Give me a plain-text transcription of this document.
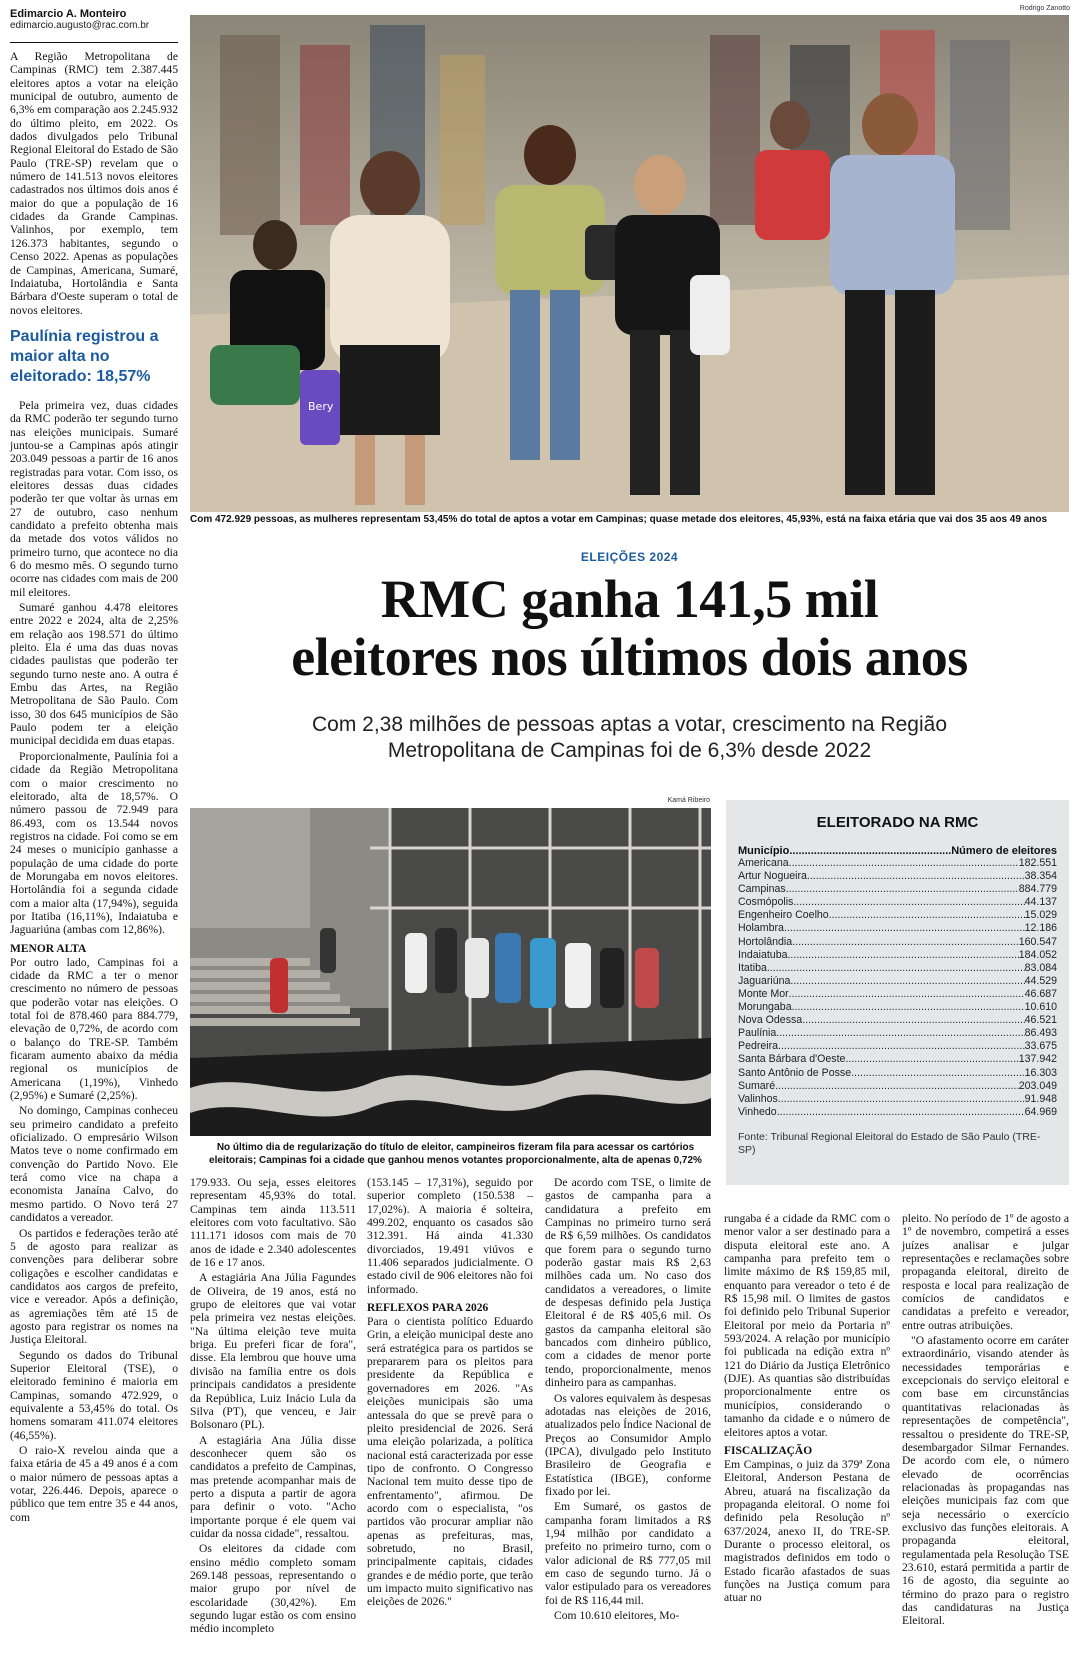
Edimarcio A. Monteiro
edimarcio.augusto@rac.com.br

A Região Metropolitana de Campinas (RMC) tem 2.387.445 eleitores aptos a votar na eleição municipal de outubro, aumento de 6,3% em comparação aos 2.245.932 do último pleito, em 2022. Os dados divulgados pelo Tribunal Regional Eleitoral do Estado de São Paulo (TRE-SP) revelam que o número de 141.513 novos eleitores cadastrados nos últimos dois anos é maior do que a população de 16 cidades da Grande Campinas. Valinhos, por exemplo, tem 126.373 habitantes, segundo o Censo 2022. Apenas as populações de Campinas, Americana, Sumaré, Indaiatuba, Hortolândia e Santa Bárbara d'Oeste superam o total de novos eleitores.

Paulínia registrou a maior alta no eleitorado: 18,57%

Pela primeira vez, duas cidades da RMC poderão ter segundo turno nas eleições municipais. Sumaré juntou-se a Campinas após atingir 203.049 pessoas a partir de 16 anos registradas para votar. Com isso, os eleitores dessas duas cidades poderão ter que voltar às urnas em 27 de outubro, caso nenhum candidato a prefeito obtenha mais da metade dos votos válidos no primeiro turno, que acontece no dia 6 do mesmo mês. O segundo turno ocorre nas cidades com mais de 200 mil eleitores.

Sumaré ganhou 4.478 eleitores entre 2022 e 2024, alta de 2,25% em relação aos 198.571 do último pleito. Ela é uma das duas novas cidades paulistas que poderão ter segundo turno neste ano. A outra é Embu das Artes, na Região Metropolitana de São Paulo. Com isso, 30 dos 645 municípios de São Paulo podem ter a eleição municipal decidida em duas etapas.

Proporcionalmente, Paulínia foi a cidade da Região Metropolitana com o maior crescimento no eleitorado, alta de 18,57%. O número passou de 72.949 para 86.493, com os 13.544 novos registros na cidade. Foi como se em 24 meses o município ganhasse a população de uma cidade do porte de Morungaba em novos eleitores. Hortolândia foi a segunda cidade com a maior alta (17,94%), seguida por Itatiba (16,11%), Indaiatuba e Jaguariúna (ambas com 12,86%).

MENOR ALTA

Por outro lado, Campinas foi a cidade da RMC a ter o menor crescimento no número de pessoas que poderão votar nas eleições. O total foi de 878.460 para 884.779, elevação de 0,72%, de acordo com o balanço do TRE-SP. Também ficaram aumento abaixo da média regional os municípios de Americana (1,19%), Vinhedo (2,95%) e Sumaré (2,25%).

No domingo, Campinas conheceu seu primeiro candidato a prefeito oficializado. O empresário Wilson Matos teve o nome confirmado em convenção do Partido Novo. Ele terá como vice na chapa a economista Janaína Calvo, do mesmo partido. O Novo terá 27 candidatos a vereador.

Os partidos e federações terão até 5 de agosto para realizar as convenções para deliberar sobre coligações e escolher candidatas e candidatos aos cargos de prefeito, vice e vereador. Após a definição, as agremiações têm até 15 de agosto para registrar os nomes na Justiça Eleitoral.

Segundo os dados do Tribunal Superior Eleitoral (TSE), o eleitorado feminino é maioria em Campinas, somando 472.929, o equivalente a 53,45% do total. Os homens somaram 411.074 eleitores (46,55%).

O raio-X revelou ainda que a faixa etária de 45 a 49 anos é a com o maior número de pessoas aptas a votar, 226.446. Depois, aparece o público que tem entre 35 e 44 anos, com

Rodrigo Zanotto
Bery
Com 472.929 pessoas, as mulheres representam 53,45% do total de aptos a votar em Campinas; quase metade dos eleitores, 45,93%, está na faixa etária que vai dos 35 aos 49 anos
ELEIÇÕES 2024
RMC ganha 141,5 mil
eleitores nos últimos dois anos
Com 2,38 milhões de pessoas aptas a votar, crescimento na Região
Metropolitana de Campinas foi de 6,3% desde 2022
Kamá Ribeiro
No último dia de regularização do título de eleitor, campineiros fizeram fila para acessar os cartórios eleitorais; Campinas foi a cidade que ganhou menos votantes proporcionalmente, alta de apenas 0,72%
ELEITORADO NA RMC
Município .....	Número de eleitores
Americana .....	182.551
Artur Nogueira .....	38.354
Campinas .....	884.779
Cosmópolis .....	44.137
Engenheiro Coelho .....	15.029
Holambra .....	12.186
Hortolândia .....	160.547
Indaiatuba .....	184.052
Itatiba .....	83.084
Jaguariúna .....	44.529
Monte Mor .....	46.687
Morungaba .....	10.610
Nova Odessa .....	46.521
Paulínia .....	86.493
Pedreira .....	33.675
Santa Bárbara d'Oeste .....	137.942
Santo Antônio de Posse .....	16.303
Sumaré .....	203.049
Valinhos .....	91.948
Vinhedo .....	64.969
Fonte: Tribunal Regional Eleitoral do Estado de São Paulo (TRE-SP)

179.933. Ou seja, esses eleitores representam 45,93% do total. Campinas tem ainda 113.511 eleitores com voto facultativo. São 111.171 idosos com mais de 70 anos de idade e 2.340 adolescentes de 16 e 17 anos.

A estagiária Ana Júlia Fagundes de Oliveira, de 19 anos, está no grupo de eleitores que vai votar pela primeira vez nestas eleições. "Na última eleição teve muita briga. Eu preferi ficar de fora", disse. Ela lembrou que houve uma divisão na família entre os dois principais candidatos a presidente da República, Luiz Inácio Lula da Silva (PT), que venceu, e Jair Bolsonaro (PL).

A estagiária Ana Júlia disse desconhecer quem são os candidatos a prefeito de Campinas, mas pretende acompanhar mais de perto a disputa a partir de agora para definir o voto. "Acho importante porque é ele quem vai cuidar da nossa cidade", ressaltou.

Os eleitores da cidade com ensino médio completo somam 269.148 pessoas, representando o maior grupo por nível de escolaridade (30,42%). Em segundo lugar estão os com ensino médio incompleto

(153.145 – 17,31%), seguido por superior completo (150.538 – 17,02%). A maioria é solteira, 499.202, enquanto os casados são 312.391. Há ainda 41.330 divorciados, 19.491 viúvos e 11.406 separados judicialmente. O estado civil de 906 eleitores não foi informado.

REFLEXOS PARA 2026

Para o cientista político Eduardo Grin, a eleição municipal deste ano será estratégica para os partidos se prepararem para os pleitos para presidente da República e governadores em 2026. "As eleições municipais são uma antessala do que se prevê para o pleito presidencial de 2026. Será uma eleição polarizada, a política nacional está caracterizada por esse tipo de confronto. O Congresso Nacional tem muito desse tipo de enfrentamento", afirmou. De acordo com o especialista, "os partidos vão procurar ampliar não apenas as prefeituras, mas, sobretudo, no Brasil, principalmente capitais, cidades grandes e de médio porte, que terão um impacto muito significativo nas eleições de 2026."

De acordo com TSE, o limite de gastos de campanha para a candidatura a prefeito em Campinas no primeiro turno será de R$ 6,59 milhões. Os candidatos que forem para o segundo turno poderão gastar mais R$ 2,63 milhões cada um. No caso dos candidatos a vereadores, o limite de despesas definido pela Justiça Eleitoral é de R$ 405,6 mil. Os gastos da campanha eleitoral são bancados com dinheiro público, com a cidades de menor porte tendo, proporcionalmente, menos dinheiro para as campanhas.

Os valores equivalem às despesas adotadas nas eleições de 2016, atualizados pelo Índice Nacional de Preços ao Consumidor Amplo (IPCA), divulgado pelo Instituto Brasileiro de Geografia e Estatística (IBGE), conforme fixado por lei.

Em Sumaré, os gastos de campanha foram limitados a R$ 1,94 milhão por candidato a prefeito no primeiro turno, com o valor adicional de R$ 777,05 mil em caso de segundo turno. Já o valor estipulado para os vereadores foi de R$ 116,44 mil.

Com 10.610 eleitores, Mo-

rungaba é a cidade da RMC com o menor valor a ser destinado para a disputa eleitoral este ano. A campanha para prefeito tem o limite máximo de R$ 159,85 mil, enquanto para vereador o teto é de R$ 15,98 mil. O limites de gastos foi definido pelo Tribunal Superior Eleitoral por meio da Portaria nº 593/2024. A relação por município foi publicada na edição extra nº 121 do Diário da Justiça Eletrônico (DJE). As quantias são distribuídas proporcionalmente entre os municípios, considerando o tamanho da cidade e o número de eleitores aptos a votar.

FISCALIZAÇÃO

Em Campinas, o juiz da 379ª Zona Eleitoral, Anderson Pestana de Abreu, atuará na fiscalização da propaganda eleitoral. O nome foi definido pela Resolução nº 637/2024, anexo II, do TRE-SP. Durante o processo eleitoral, os magistrados definidos em todo o Estado ficarão afastados de suas funções na Justiça comum para atuar no

pleito. No período de 1º de agosto a 1º de novembro, competirá a esses juízes analisar e julgar representações e reclamações sobre propaganda eleitoral, direito de resposta e local para realização de comícios de candidatos e candidatas a prefeito e vereador, entre outras atribuições.

"O afastamento ocorre em caráter extraordinário, visando atender às necessidades temporárias e excepcionais do serviço eleitoral e com base em circunstâncias quantitativas relacionadas às representações de competência", ressaltou o presidente do TRE-SP, desembargador Silmar Fernandes. De acordo com ele, o número elevado de ocorrências relacionadas às propagandas nas eleições municipais faz com que seja necessário o exercício exclusivo das funções eleitorais. A propaganda eleitoral, regulamentada pela Resolução TSE 23.610, estará permitida a partir de 16 de agosto, dia seguinte ao término do prazo para o registro das candidaturas na Justiça Eleitoral.
